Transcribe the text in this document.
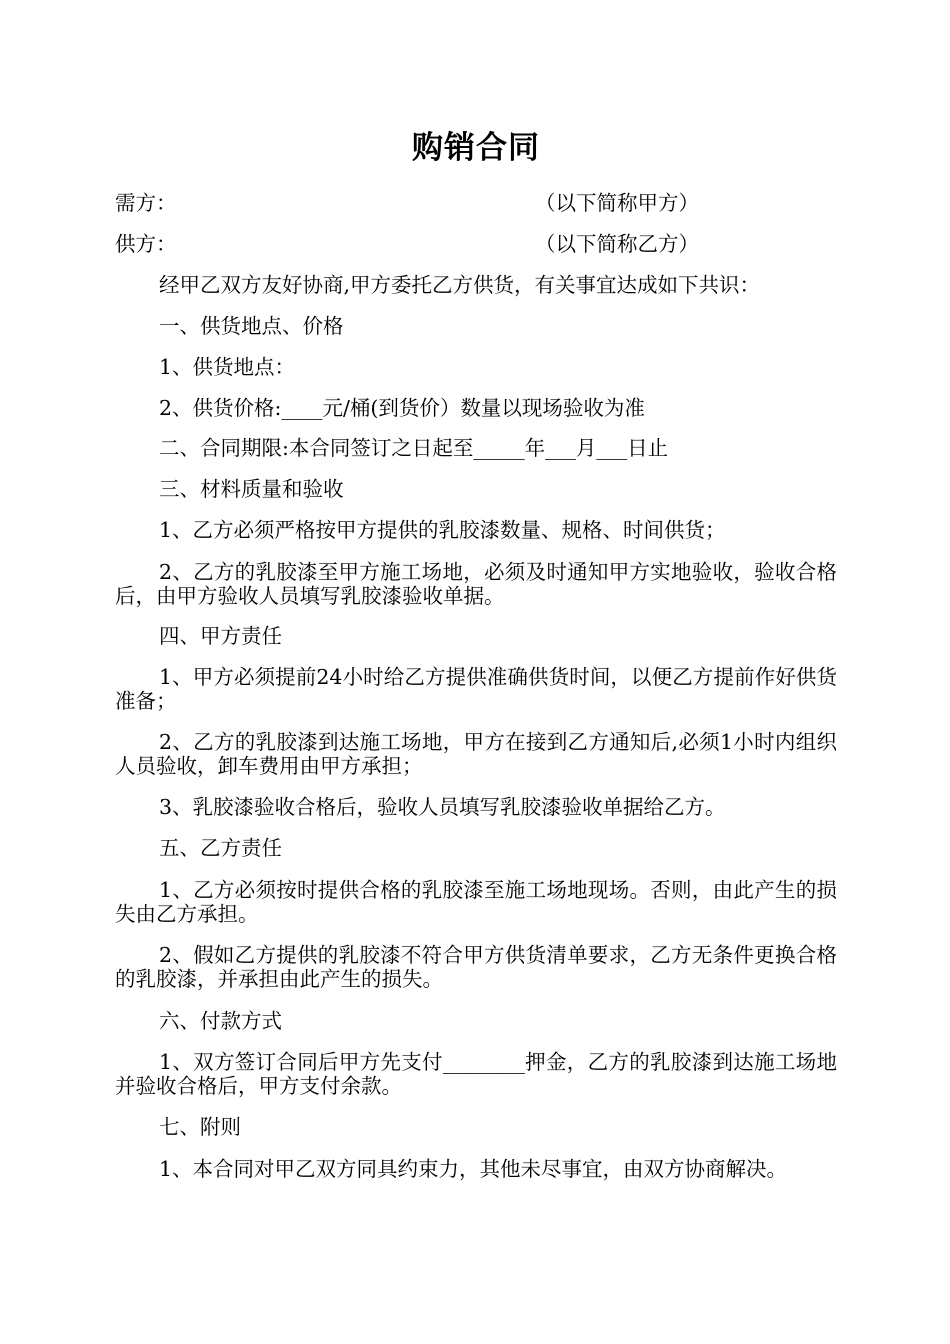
购销合同
需方：	（以下简称甲方）
供方：	（以下简称乙方）

经甲乙双方友好协商,甲方委托乙方供货，有关事宜达成如下共识：

一、供货地点、价格

1、供货地点：

2、供货价格:____元/桶(到货价）数量以现场验收为准

二、合同期限:本合同签订之日起至_____年___月___日止

三、材料质量和验收

1、乙方必须严格按甲方提供的乳胶漆数量、规格、时间供货；

2、乙方的乳胶漆至甲方施工场地，必须及时通知甲方实地验收，验收合格后，由甲方验收人员填写乳胶漆验收单据。

四、甲方责任

1、甲方必须提前24小时给乙方提供准确供货时间，以便乙方提前作好供货准备；

2、乙方的乳胶漆到达施工场地，甲方在接到乙方通知后,必须1小时内组织人员验收，卸车费用由甲方承担；

3、乳胶漆验收合格后，验收人员填写乳胶漆验收单据给乙方。

五、乙方责任

1、乙方必须按时提供合格的乳胶漆至施工场地现场。否则，由此产生的损失由乙方承担。

2、假如乙方提供的乳胶漆不符合甲方供货清单要求，乙方无条件更换合格的乳胶漆，并承担由此产生的损失。

六、付款方式

1、双方签订合同后甲方先支付________押金，乙方的乳胶漆到达施工场地并验收合格后，甲方支付余款。

七、附则

1、本合同对甲乙双方同具约束力，其他未尽事宜，由双方协商解决。
